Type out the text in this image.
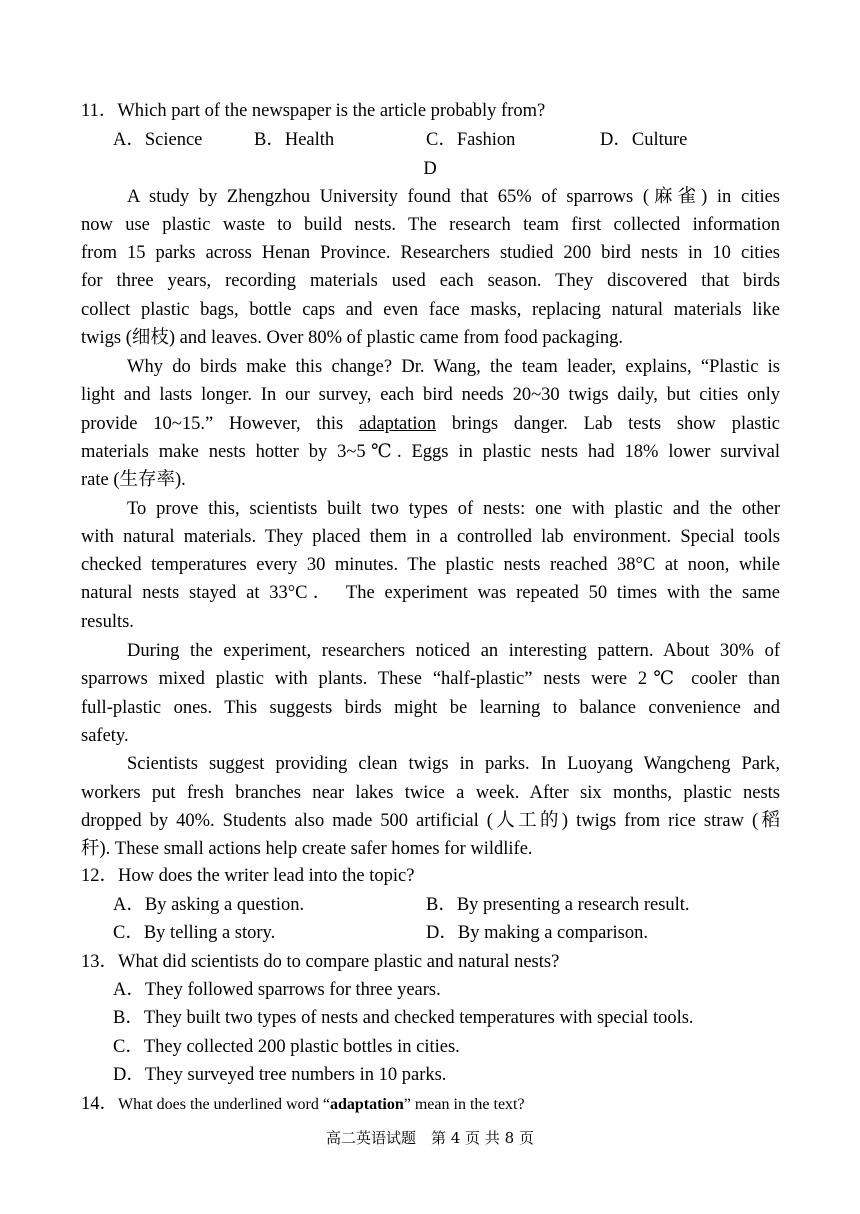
11．Which part of the newspaper is the article probably from?
A．Science	B．Health	C．Fashion	D．Culture
D
A study by Zhengzhou University found that 65% of sparrows (麻雀) in cities
now use plastic waste to build nests. The research team first collected information
from 15 parks across Henan Province. Researchers studied 200 bird nests in 10 cities
for three years, recording materials used each season. They discovered that birds
collect plastic bags, bottle caps and even face masks, replacing natural materials like
twigs (细枝) and leaves. Over 80% of plastic came from food packaging.
Why do birds make this change? Dr. Wang, the team leader, explains, “Plastic is
light and lasts longer. In our survey, each bird needs 20~30 twigs daily, but cities only
provide 10~15.” However, this adaptation brings danger. Lab tests show plastic
materials make nests hotter by 3~5℃. Eggs in plastic nests had 18% lower survival
rate (生存率).
To prove this, scientists built two types of nests: one with plastic and the other
with natural materials. They placed them in a controlled lab environment. Special tools
checked temperatures every 30 minutes. The plastic nests reached 38°C at noon, while
natural nests stayed at 33°C． The experiment was repeated 50 times with the same
results.
During the experiment, researchers noticed an interesting pattern. About 30% of
sparrows mixed plastic with plants. These “half-plastic” nests were 2℃ cooler than
full-plastic ones. This suggests birds might be learning to balance convenience and
safety.
Scientists suggest providing clean twigs in parks. In Luoyang Wangcheng Park,
workers put fresh branches near lakes twice a week. After six months, plastic nests
dropped by 40%. Students also made 500 artificial (人工的) twigs from rice straw (稻
秆). These small actions help create safer homes for wildlife.
12．How does the writer lead into the topic?
A．By asking a question.	B．By presenting a research result.
C．By telling a story.	D．By making a comparison.
13．What did scientists do to compare plastic and natural nests?
A．They followed sparrows for three years.
B．They built two types of nests and checked temperatures with special tools.
C．They collected 200 plastic bottles in cities.
D．They surveyed tree numbers in 10 parks.
14．What does the underlined word “adaptation” mean in the text?
高二英语试题　第 4 页 共 8 页
